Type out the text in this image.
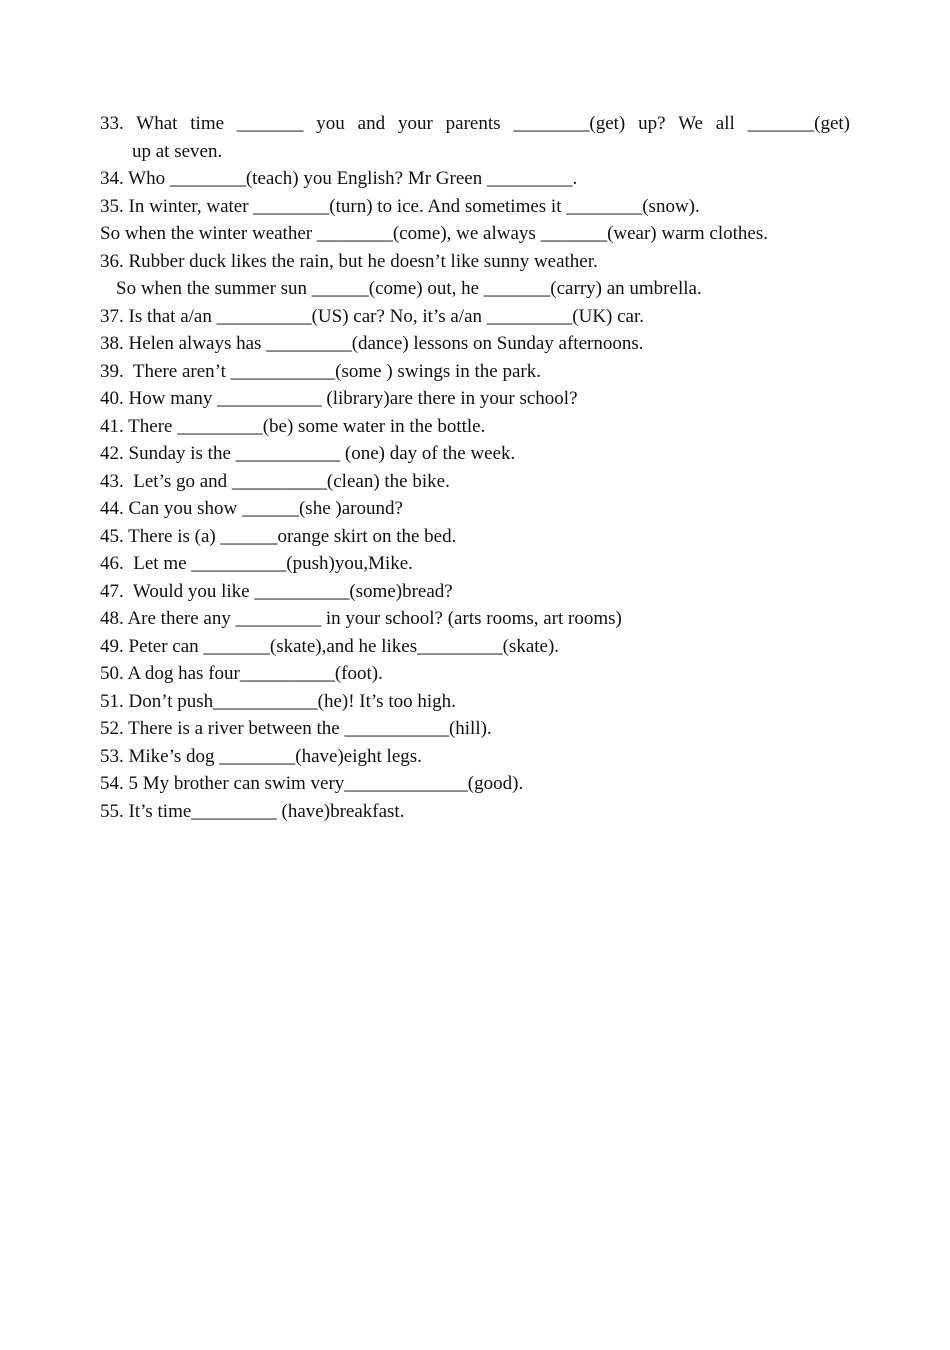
33. What time _______ you and your parents ________(get) up? We all _______(get)
up at seven.
34. Who ________(teach) you English? Mr Green _________.
35. In winter, water ________(turn) to ice. And sometimes it ________(snow).
So when the winter weather ________(come), we always _______(wear) warm clothes.
36. Rubber duck likes the rain, but he doesn’t like sunny weather.
So when the summer sun ______(come) out, he _______(carry) an umbrella.
37. Is that a/an __________(US) car? No, it’s a/an _________(UK) car.
38. Helen always has _________(dance) lessons on Sunday afternoons.
39.  There aren’t ___________(some ) swings in the park.
40. How many ___________ (library)are there in your school?
41. There _________(be) some water in the bottle.
42. Sunday is the ___________ (one) day of the week.
43.  Let’s go and __________(clean) the bike.
44. Can you show ______(she )around?
45. There is (a) ______orange skirt on the bed.
46.  Let me __________(push)you,Mike.
47.  Would you like __________(some)bread?
48. Are there any _________ in your school? (arts rooms, art rooms)
49. Peter can _______(skate),and he likes_________(skate).
50. A dog has four__________(foot).
51. Don’t push___________(he)! It’s too high.
52. There is a river between the ___________(hill).
53. Mike’s dog ________(have)eight legs.
54. 5 My brother can swim very_____________(good).
55. It’s time_________ (have)breakfast.
